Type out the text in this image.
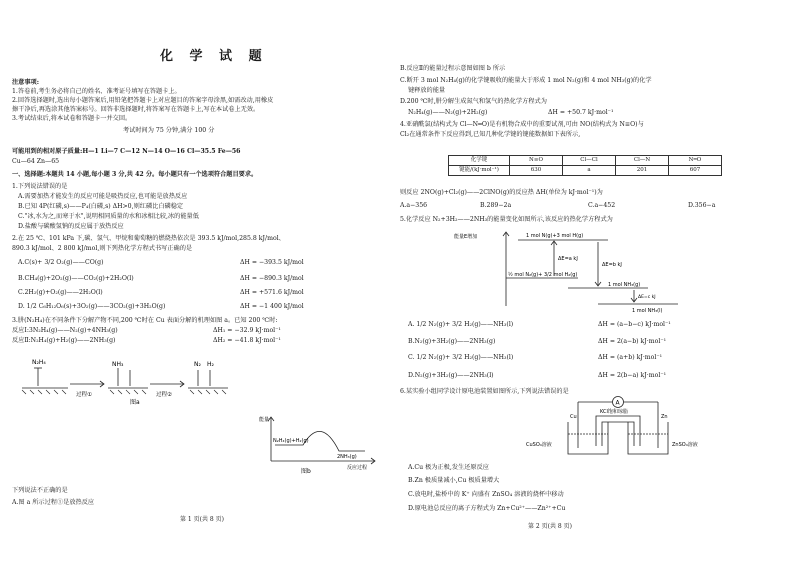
化 学 试 题
注意事项:
1.答卷前,考生务必将自己的姓名、准考证号填写在答题卡上。
2.回答选择题时,选出每小题答案后,用铅笔把答题卡上对应题目的答案字母涂黑,如需改动,用橡皮
擦干净后,再选涂其他答案标号。回答非选择题时,将答案写在答题卡上,写在本试卷上无效。
3.考试结束后,将本试卷和答题卡一并交回。
考试时间为 75 分钟,满分 100 分
可能用到的相对原子质量:H—1 Li—7 C—12 N—14 O—16 Cl—35.5 Fe—56
Cu—64 Zn—65
一、选择题:本题共 14 小题,每小题 3 分,共 42 分。每小题只有一个选项符合题目要求。
1.下列说法错误的是
A.需要加热才能发生的反应可能是吸热反应,也可能是放热反应
B.已知 4P(红磷,s)——P₄(白磷,s) ΔH>0,则红磷比白磷稳定
C."冰,水为之,而寒于水",说明相同质量的水和冰相比较,冰的能量低
D.盐酸与碳酸氢钠的反应属于放热反应
2.在 25 ℃、101 kPa 下,碳、氢气、甲烷和葡萄糖的燃烧热依次是 393.5 kJ/mol,285.8 kJ/mol、
890.3 kJ/mol、2 800 kJ/mol,则下列热化学方程式书写正确的是
A.C(s)+ 3/2 O₂(g)——CO(g)	ΔH = −393.5 kJ/mol
B.CH₄(g)+2O₂(g)——CO₂(g)+2H₂O(l)	ΔH = −890.3 kJ/mol
C.2H₂(g)+O₂(g)——2H₂O(l)	ΔH = +571.6 kJ/mol
D. 1/2 C₆H₁₂O₆(s)+3O₂(g)——3CO₂(g)+3H₂O(g)	ΔH = −1 400 kJ/mol
3.肼(N₂H₄)在不同条件下分解产物不同,200 ℃时在 Cu 表面分解的机理如图 a。已知 200 ℃时:
反应Ⅰ:3N₂H₄(g)——N₂(g)+4NH₃(g)	ΔH₁ = −32.9 kJ·mol⁻¹
反应Ⅱ:N₂H₄(g)+H₂(g)——2NH₃(g)	ΔH₂ = −41.8 kJ·mol⁻¹
N₂H₄	NH₃	N₂ H₂
过程①	过程②
图a
能量
N₂H₄(g)+H₂(g)
2NH₃(g)
反应过程
图b
下列说法不正确的是
A.图 a 所示过程①是放热反应
第 1 页(共 8 页)
B.反应Ⅱ的能量过程示意图如图 b 所示
C.断开 3 mol N₂H₄(g)的化学键吸收的能量大于形成 1 mol N₂(g)和 4 mol NH₃(g)的化学
键释放的能量
D.200 ℃时,肼分解生成氮气和氢气的热化学方程式为
N₂H₄(g)——N₂(g)+2H₂(g)	ΔH = +50.7 kJ·mol⁻¹
4.亚硝酰氯(结构式为 Cl—N═O)是有机物合成中的重要试剂,可由 NO(结构式为 N≡O)与
Cl₂在通常条件下反应得到,已知几种化学键的键能数据如下表所示,
化学键	N≡O	Cl—Cl	Cl—N	N═O
键能/(kJ·mol⁻¹)	630	a	201	607
则反应 2NO(g)+Cl₂(g)——2ClNO(g)的反应热 ΔH(单位为 kJ·mol⁻¹)为
A.a−356	B.289−2a	C.a−452	D.356−a
5.化学反应 N₂+3H₂——2NH₃的能量变化如图所示,该反应的热化学方程式为
能量E增加	1 mol N(g)+3 mol H(g)
ΔE=a kJ
ΔE=b kJ
½ mol N₂(g)+ 3/2 mol H₂(g)
1 mol NH₃(g)
ΔE=c kJ
1 mol NH₃(l)
A. 1/2 N₂(g)+ 3/2 H₂(g)——NH₃(l)	ΔH = (a−b−c) kJ·mol⁻¹
B.N₂(g)+3H₂(g)——2NH₃(g)	ΔH = 2(a−b) kJ·mol⁻¹
C. 1/2 N₂(g)+ 3/2 H₂(g)——NH₃(l)	ΔH = (a+b) kJ·mol⁻¹
D.N₂(g)+3H₂(g)——2NH₃(l)	ΔH = 2(b−a) kJ·mol⁻¹
6.某实验小组同学设计原电池装置如图所示,下列说法错误的是
A
KCl饱和琼脂
Cu	Zn
CuSO₄溶液	ZnSO₄溶液
A.Cu 极为正极,发生还原反应
B.Zn 极质量减小,Cu 极质量增大
C.放电时,盐桥中的 K⁺ 向盛有 ZnSO₄ 溶液的烧杯中移动
D.原电池总反应的离子方程式为 Zn+Cu²⁺——Zn²⁺+Cu
第 2 页(共 8 页)
